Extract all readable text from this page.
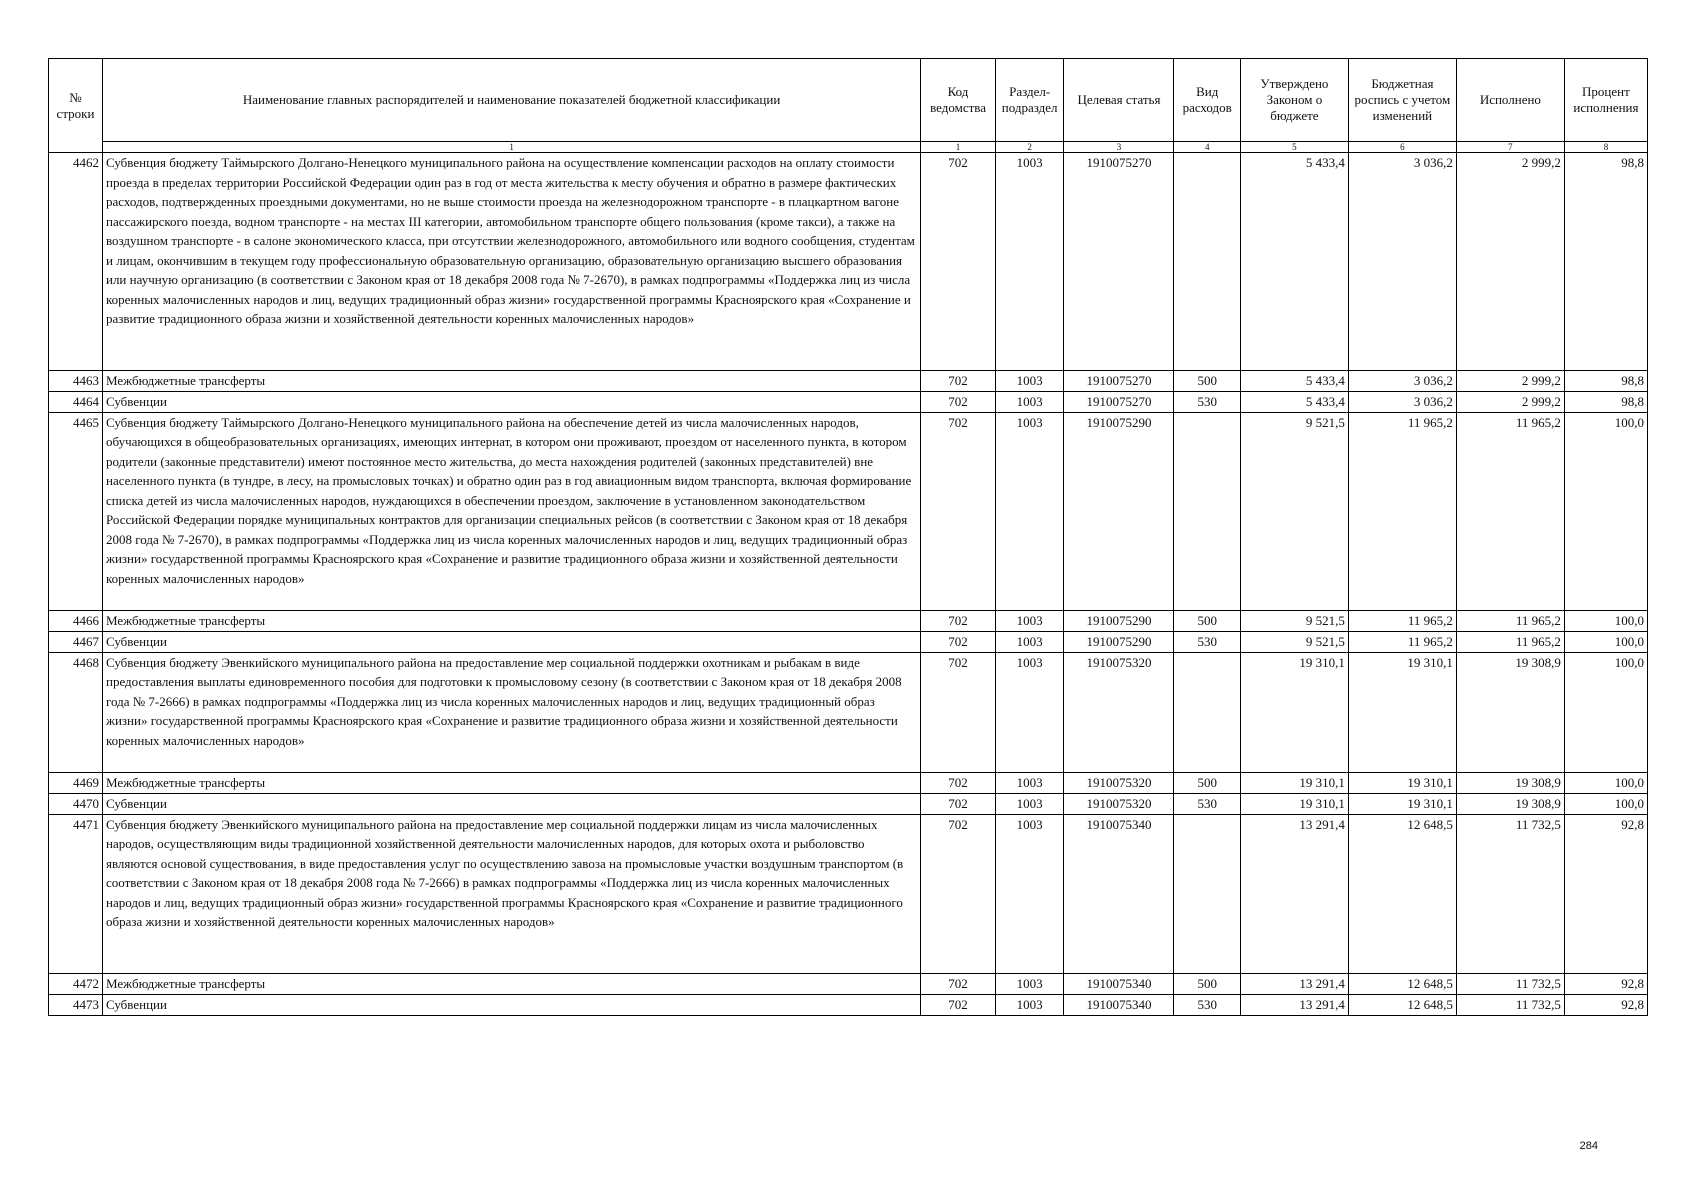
№ строки	Наименование главных распорядителей и наименование показателей бюджетной классификации	Код ведомства	Раздел-подраздел	Целевая статья	Вид расходов	Утверждено Законом о бюджете	Бюджетная роспись с учетом изменений	Исполнено	Процент исполнения
	1	1	2	3	4	5	6	7	8
4462	Субвенция бюджету Таймырского Долгано-Ненецкого муниципального района на осуществление компенсации расходов на оплату стоимости проезда в пределах территории Российской Федерации один раз в год от места жительства к месту обучения и обратно в размере фактических расходов, подтвержденных проездными документами, но не выше стоимости проезда на железнодорожном транспорте - в плацкартном вагоне пассажирского поезда, водном транспорте - на местах III категории, автомобильном транспорте общего пользования (кроме такси), а также на воздушном транспорте - в салоне экономического класса, при отсутствии железнодорожного, автомобильного или водного сообщения, студентам и лицам, окончившим в текущем году профессиональную образовательную организацию, образовательную организацию высшего образования или научную организацию (в соответствии с Законом края от 18 декабря 2008 года № 7-2670), в рамках подпрограммы «Поддержка лиц из числа коренных малочисленных народов и лиц, ведущих традиционный образ жизни» государственной программы Красноярского края «Сохранение и развитие традиционного образа жизни и хозяйственной деятельности коренных малочисленных народов»	702	1003	1910075270		5 433,4	3 036,2	2 999,2	98,8
4463	Межбюджетные трансферты	702	1003	1910075270	500	5 433,4	3 036,2	2 999,2	98,8
4464	Субвенции	702	1003	1910075270	530	5 433,4	3 036,2	2 999,2	98,8
4465	Субвенция бюджету Таймырского Долгано-Ненецкого муниципального района на обеспечение детей из числа малочисленных народов, обучающихся в общеобразовательных организациях, имеющих интернат, в котором они проживают, проездом от населенного пункта, в котором родители (законные представители) имеют постоянное место жительства, до места нахождения родителей (законных представителей) вне населенного пункта (в тундре, в лесу, на промысловых точках) и обратно один раз в год авиационным видом транспорта, включая формирование списка детей из числа малочисленных народов, нуждающихся в обеспечении проездом, заключение в установленном законодательством Российской Федерации порядке муниципальных контрактов для организации специальных рейсов (в соответствии с Законом края от 18 декабря 2008 года № 7-2670), в рамках подпрограммы «Поддержка лиц из числа коренных малочисленных народов и лиц, ведущих традиционный образ жизни» государственной программы Красноярского края «Сохранение и развитие традиционного образа жизни и хозяйственной деятельности коренных малочисленных народов»	702	1003	1910075290		9 521,5	11 965,2	11 965,2	100,0
4466	Межбюджетные трансферты	702	1003	1910075290	500	9 521,5	11 965,2	11 965,2	100,0
4467	Субвенции	702	1003	1910075290	530	9 521,5	11 965,2	11 965,2	100,0
4468	Субвенция бюджету Эвенкийского муниципального района на предоставление мер социальной поддержки охотникам и рыбакам в виде предоставления выплаты единовременного пособия для подготовки к промысловому сезону (в соответствии с Законом края от 18 декабря 2008 года № 7-2666) в рамках подпрограммы «Поддержка лиц из числа коренных малочисленных народов и лиц, ведущих традиционный образ жизни» государственной программы Красноярского края «Сохранение и развитие традиционного образа жизни и хозяйственной деятельности коренных малочисленных народов»	702	1003	1910075320		19 310,1	19 310,1	19 308,9	100,0
4469	Межбюджетные трансферты	702	1003	1910075320	500	19 310,1	19 310,1	19 308,9	100,0
4470	Субвенции	702	1003	1910075320	530	19 310,1	19 310,1	19 308,9	100,0
4471	Субвенция бюджету Эвенкийского муниципального района на предоставление мер социальной поддержки лицам из числа малочисленных народов, осуществляющим виды традиционной хозяйственной деятельности малочисленных народов, для которых охота и рыболовство являются основой существования, в виде предоставления услуг по осуществлению завоза на промысловые участки воздушным транспортом (в соответствии с Законом края от 18 декабря 2008 года № 7-2666) в рамках подпрограммы «Поддержка лиц из числа коренных малочисленных народов и лиц, ведущих традиционный образ жизни» государственной программы Красноярского края «Сохранение и развитие традиционного образа жизни и хозяйственной деятельности коренных малочисленных народов»	702	1003	1910075340		13 291,4	12 648,5	11 732,5	92,8
4472	Межбюджетные трансферты	702	1003	1910075340	500	13 291,4	12 648,5	11 732,5	92,8
4473	Субвенции	702	1003	1910075340	530	13 291,4	12 648,5	11 732,5	92,8
284
